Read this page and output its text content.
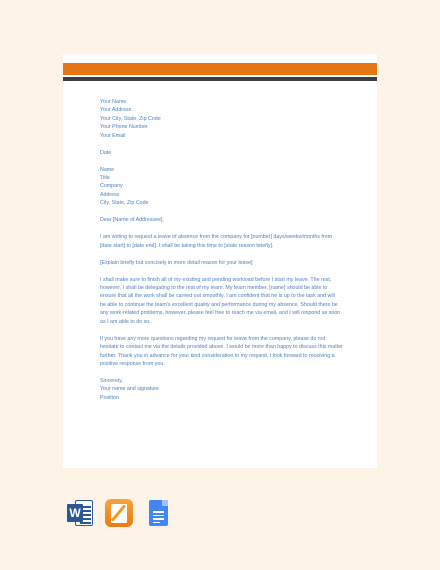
Your Name
Your Address
Your City, State, Zip Code
Your Phone Number
Your Email
Date
Name
Title
Company
Address
City, State, Zip Code
Dear [Name of Addressee],
I am writing to request a leave of absence from the company for [number] days/weeks/months from
[date start] to [date end]. I shall be taking this time to [state reason briefly].
[Explain briefly but concisely in more detail reason for your leave]
I shall make sure to finish all of my existing and pending workload before I start my leave. The rest,
however, I shall be delegating to the rest of my team. My team member, [name] should be able to
ensure that all the work shall be carried out smoothly. I am confident that he is up to the task and will
be able to continue the team's excellent quality and performance during my absence. Should there be
any work-related problems, however, please feel free to reach me via email, and I will respond as soon
as I am able to do so.
If you have any more questions regarding my request for leave from the company, please do not
hesitate to contact me via the details provided above. I would be more than happy to discuss this matter
further. Thank you in advance for your kind consideration to my request. I look forward to receiving a
positive response from you.
Sincerely,
Your name and signature
Position
W
